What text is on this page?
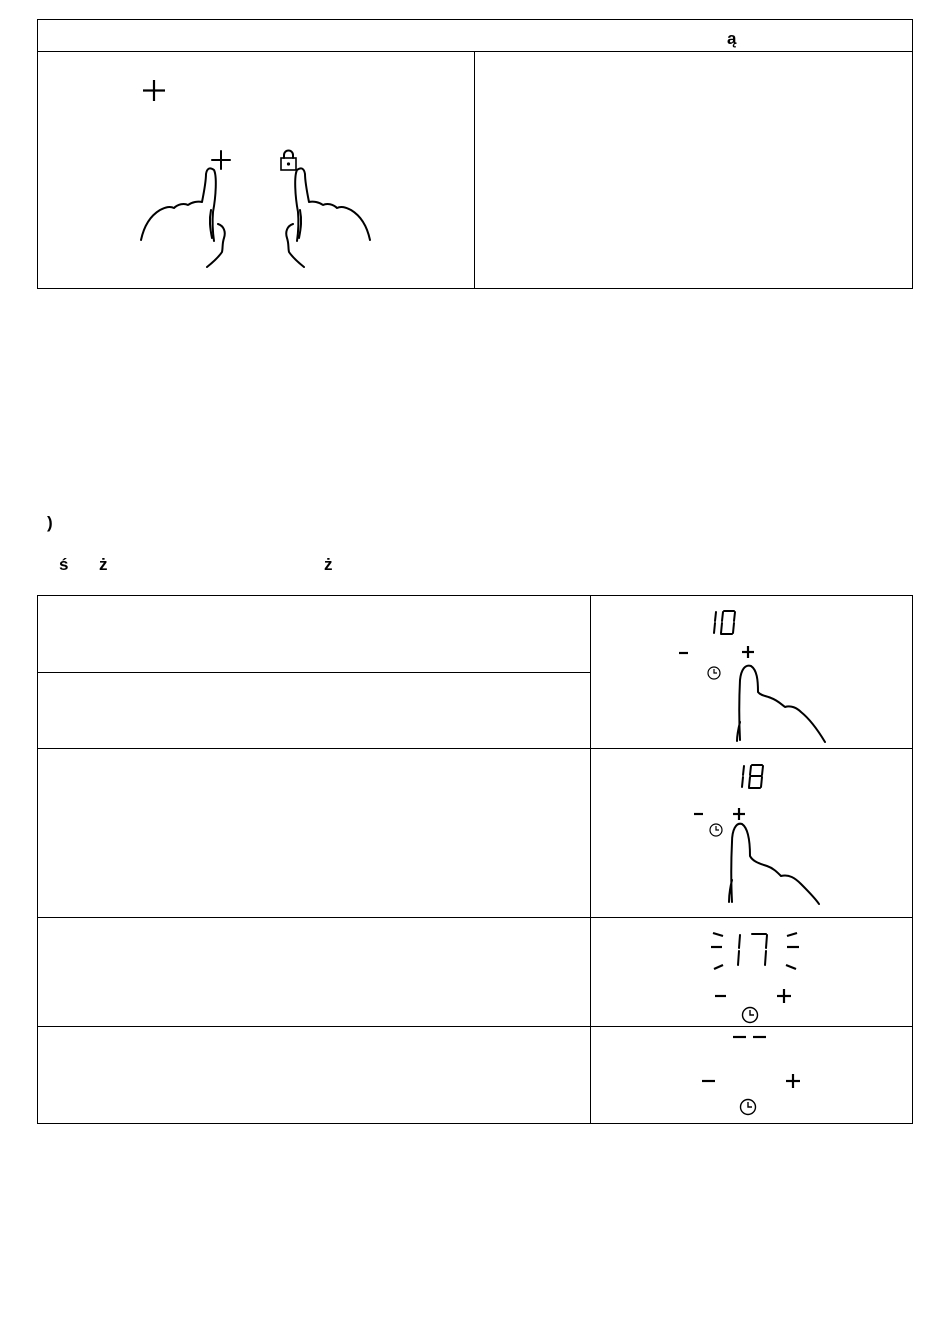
ą
)
ś ż	ż
